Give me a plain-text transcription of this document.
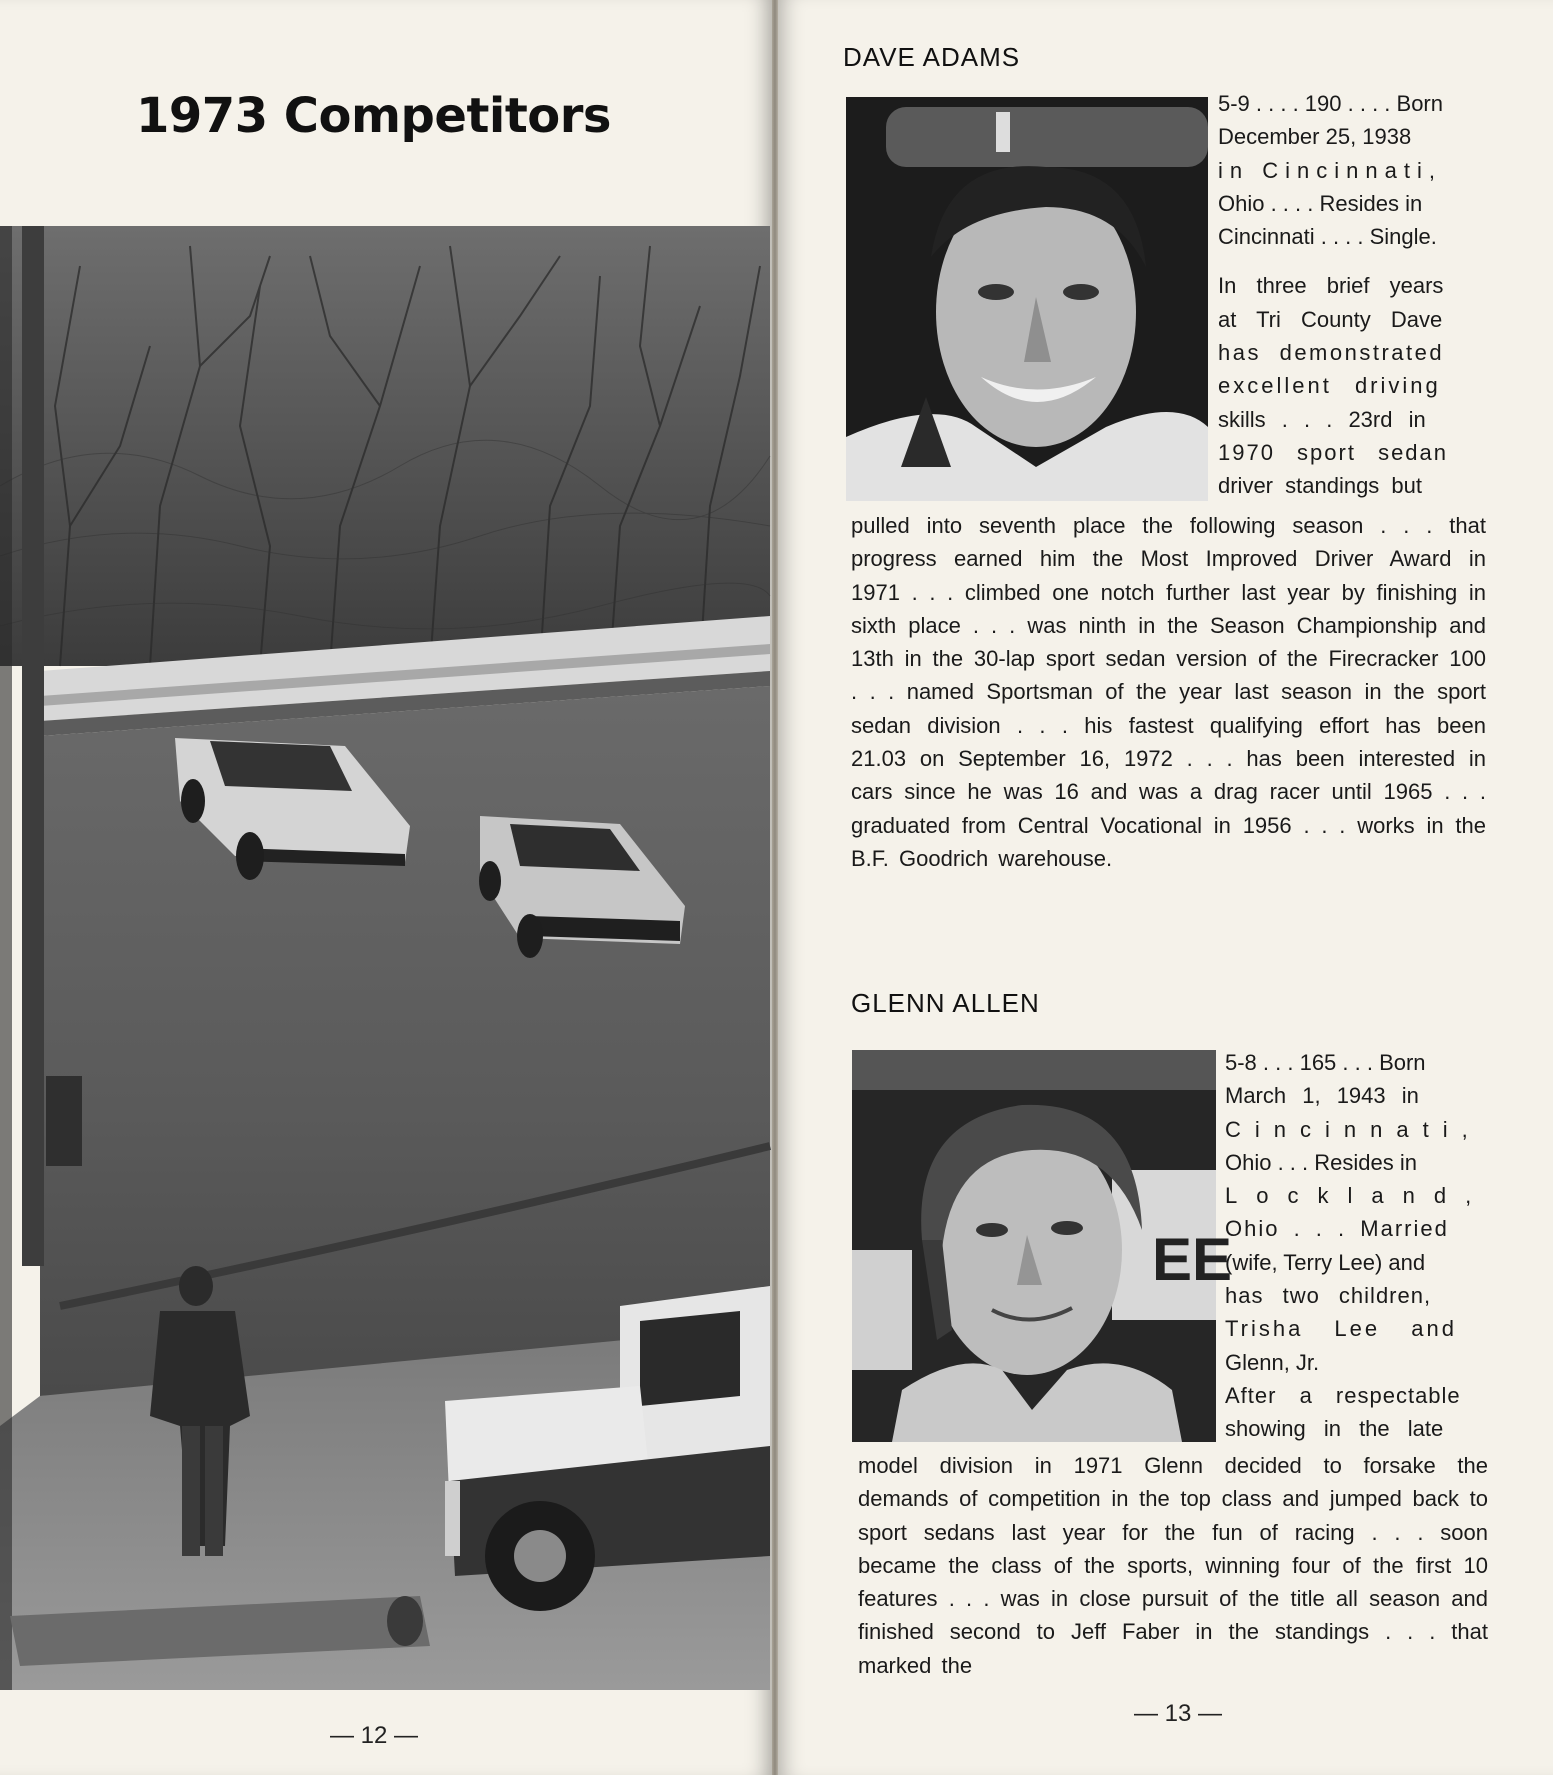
1973 Competitors
— 12 —
DAVE ADAMS

5-9 . . . . 190 . . . . Born

December 25, 1938

in Cincinnati,

Ohio . . . . Resides in

Cincinnati . . . . Single.

In three brief years

at Tri County Dave

has demonstrated

excellent driving

skills . . . 23rd in

1970 sport sedan

driver standings but

pulled into seventh place the following season . . . that progress earned him the Most Improved Driver Award in 1971 . . . climbed one notch further last year by finishing in sixth place . . . was ninth in the Season Championship and 13th in the 30-lap sport sedan version of the Firecracker 100 . . . named Sportsman of the year last season in the sport sedan division . . . his fastest qualifying effort has been 21.03 on September 16, 1972 . . . has been interested in cars since he was 16 and was a drag racer until 1965 . . . graduated from Central Vocational in 1956 . . . works in the B.F. Goodrich warehouse.
GLENN ALLEN
EE

5-8 . . . 165 . . . Born

March 1, 1943 in

Cincinnati,

Ohio . . . Resides in

Lockland,

Ohio . . . Married

(wife, Terry Lee) and

has two children,

Trisha Lee and

Glenn, Jr.

After a respectable

showing in the late

model division in 1971 Glenn decided to forsake the demands of competition in the top class and jumped back to sport sedans last year for the fun of racing . . . soon became the class of the sports, winning four of the first 10 features . . . was in close pursuit of the title all season and finished second to Jeff Faber in the standings . . . that marked the
— 13 —
